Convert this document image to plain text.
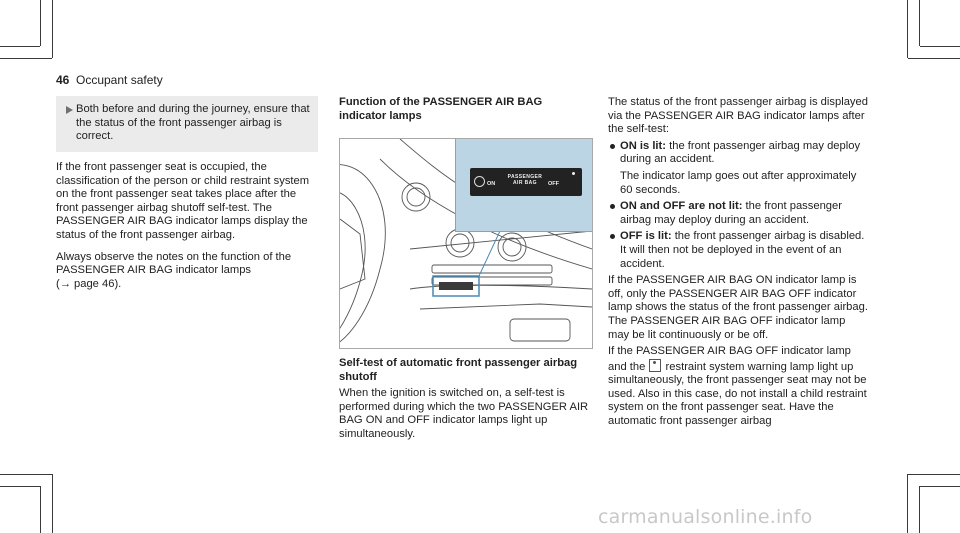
46 Occupant safety
Both before and during the journey, ensure that the status of the front passenger airbag is correct.

If the front passenger seat is occupied, the classification of the person or child restraint system on the front passenger seat takes place after the front passenger airbag shutoff self-test. The PASSENGER AIR BAG indicator lamps display the status of the front passenger airbag.

Always observe the notes on the function of the PASSENGER AIR BAG indicator lamps
(→ page 46).

Function of the PASSENGER AIR BAG indicator lamps
ON
PASSENGER
AIR BAG	OFF
Self-test of automatic front passenger airbag shutoff
When the ignition is switched on, a self-test is performed during which the two PASSENGER AIR BAG ON and OFF indicator lamps light up simultaneously.

The status of the front passenger airbag is displayed via the PASSENGER AIR BAG indicator lamps after the self-test:

ON is lit: the front passenger airbag may deploy during an accident.
The indicator lamp goes out after approximately 60 seconds.
ON and OFF are not lit: the front passenger airbag may deploy during an accident.
OFF is lit: the front passenger airbag is disabled. It will then not be deployed in the event of an accident.

If the PASSENGER AIR BAG ON indicator lamp is off, only the PASSENGER AIR BAG OFF indicator lamp shows the status of the front passenger airbag. The PASSENGER AIR BAG OFF indicator lamp may be lit continuously or be off.

If the PASSENGER AIR BAG OFF indicator lamp and the restraint system warning lamp light up simultaneously, the front passenger seat may not be used. Also in this case, do not install a child restraint system on the front passenger seat. Have the automatic front passenger airbag

carmanualsonline.info
